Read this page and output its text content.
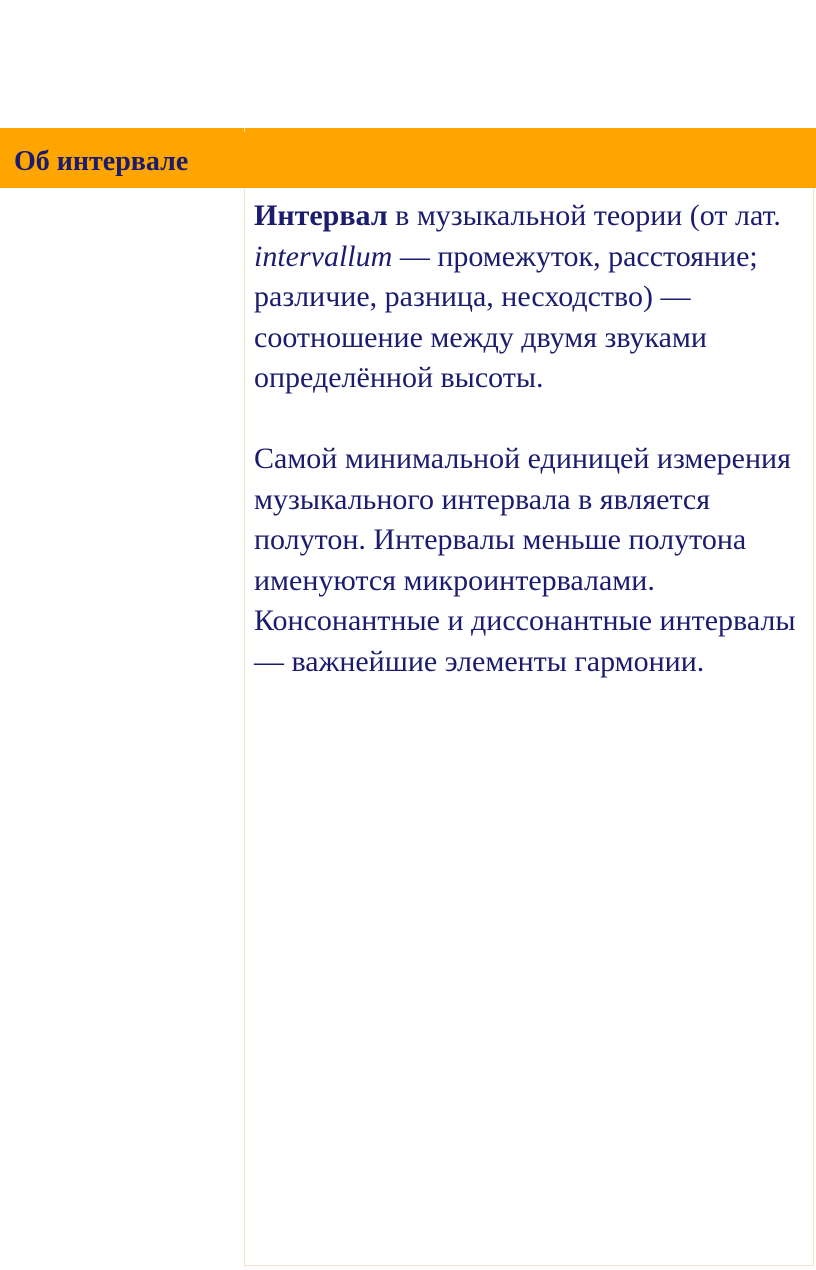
Об интервале

Интервал в музыкальной теории (от лат. intervallum — промежуток, расстояние; различие, разница, несходство) — соотношение между двумя звуками определённой высоты.

Самой минимальной единицей измерения музыкального интервала в является полутон. Интервалы меньше полутона именуются микроинтервалами. Консонантные и диссонантные интервалы — важнейшие элементы гармонии.
